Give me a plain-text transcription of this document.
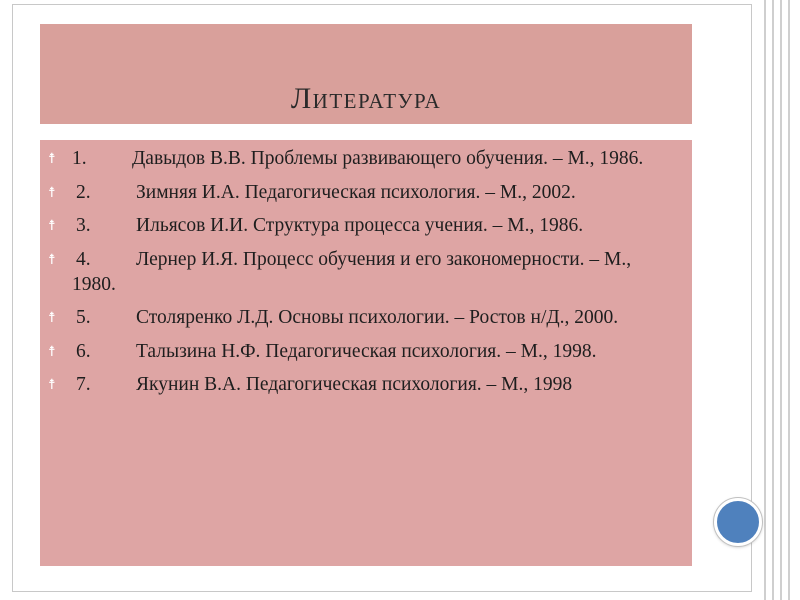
Литература
☨ 1. Давыдов В.В. Проблемы развивающего обучения. – М., 1986.
☨ 2. Зимняя И.А. Педагогическая психология. – М., 2002.
☨ 3. Ильясов И.И. Структура процесса учения. – М., 1986.
☨ 4. Лернер И.Я. Процесс обучения и его закономерности. – М., 1980.
☨ 5. Столяренко Л.Д. Основы психологии. – Ростов н/Д., 2000.
☨ 6. Талызина Н.Ф. Педагогическая психология. – М., 1998.
☨ 7. Якунин В.А. Педагогическая психология. – М., 1998
